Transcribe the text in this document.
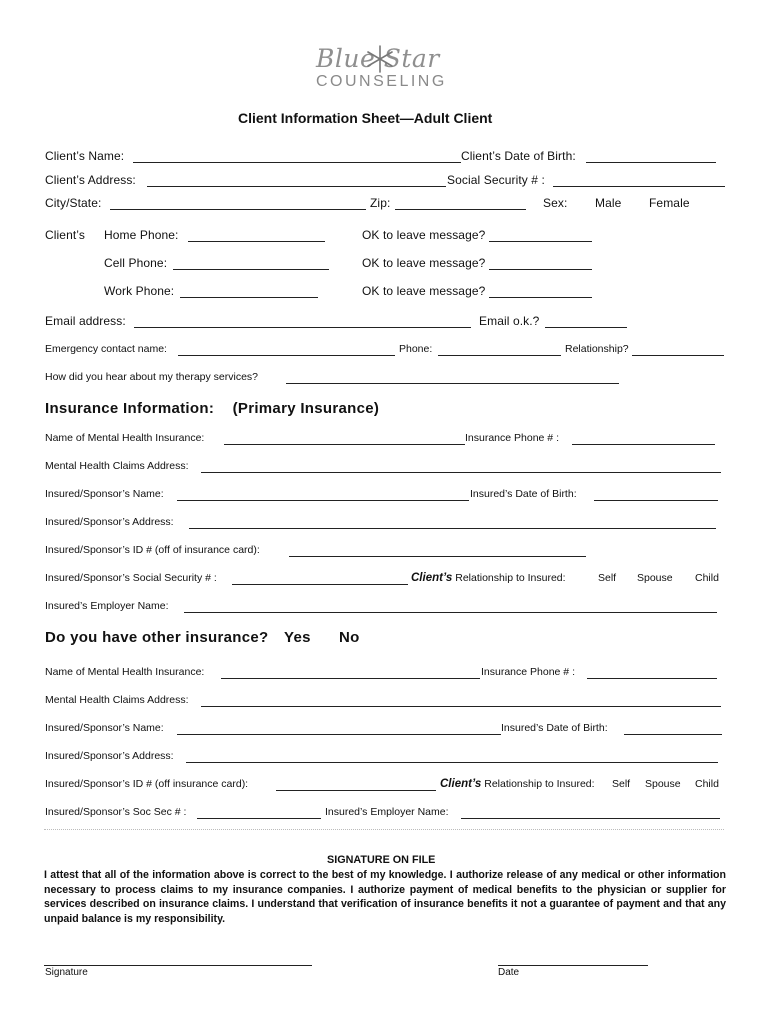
Blue Star
COUNSELING
Client Information Sheet—Adult Client
Client’s Name:	Client’s Date of Birth:
Client’s Address:	Social Security # :
City/State:	Zip:	Sex: Male Female
Client’s Home Phone:	OK to leave message?
Cell Phone:	OK to leave message?
Work Phone:	OK to leave message?
Email address:	Email o.k.?
Emergency contact name:	Phone:	Relationship?
How did you hear about my therapy services?
Insurance Information: (Primary Insurance)
Name of Mental Health Insurance:	Insurance Phone # :
Mental Health Claims Address:
Insured/Sponsor’s Name:	Insured’s Date of Birth:
Insured/Sponsor’s Address:
Insured/Sponsor’s ID # (off of insurance card):
Insured/Sponsor’s Social Security # :	Client’s Relationship to Insured:	Self Spouse Child
Insured’s Employer Name:
Do you have other insurance? Yes No
Name of Mental Health Insurance:	Insurance Phone # :
Mental Health Claims Address:
Insured/Sponsor’s Name:	Insured’s Date of Birth:
Insured/Sponsor’s Address:
Insured/Sponsor’s ID # (off insurance card):	Client’s Relationship to Insured: Self Spouse Child
Insured/Sponsor’s Soc Sec # :	Insured’s Employer Name:
SIGNATURE ON FILE
I attest that all of the information above is correct to the best of my knowledge. I authorize release of any medical or other information necessary to process claims to my insurance companies. I authorize payment of medical benefits to the physician or supplier for services described on insurance claims. I understand that verification of insurance benefits it not a guarantee of payment and that any unpaid balance is my responsibility.
Signature	Date
